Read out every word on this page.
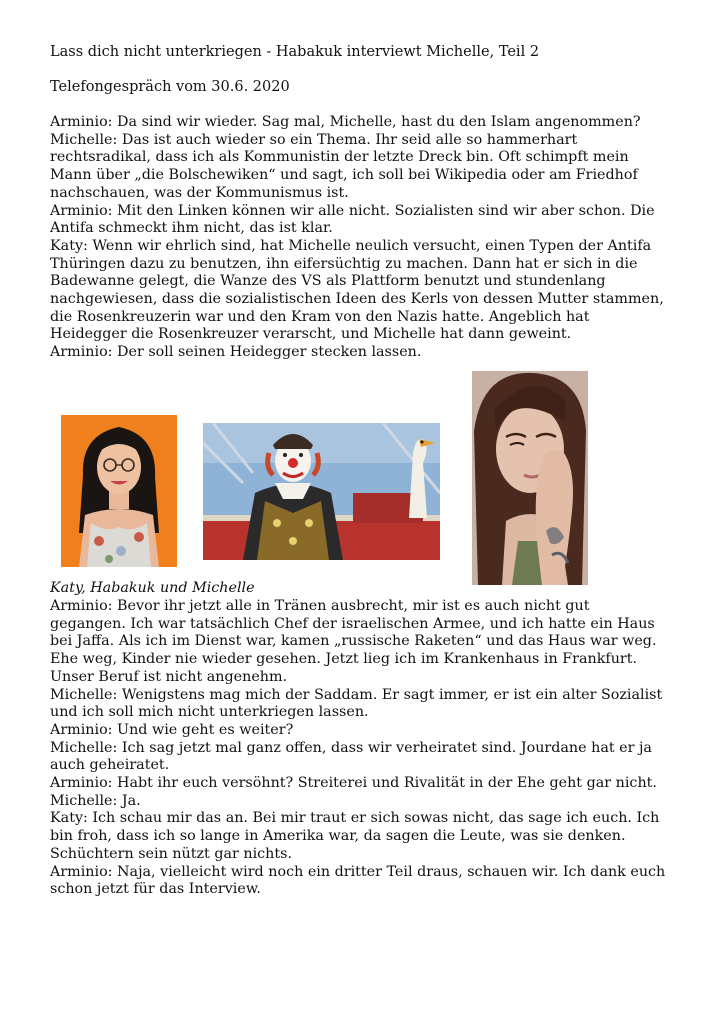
Lass dich nicht unterkriegen - Habakuk interviewt Michelle, Teil 2
Telefongespräch vom 30.6. 2020

Arminio: Da sind wir wieder. Sag mal, Michelle, hast du den Islam angenommen?

Michelle: Das ist auch wieder so ein Thema. Ihr seid alle so hammerhart rechtsradikal, dass ich als Kommunistin der letzte Dreck bin. Oft schimpft mein Mann über „die Bolschewiken“ und sagt, ich soll bei Wikipedia oder am Friedhof nachschauen, was der Kommunismus ist.

Arminio: Mit den Linken können wir alle nicht. Sozialisten sind wir aber schon. Die Antifa schmeckt ihm nicht, das ist klar.

Katy: Wenn wir ehrlich sind, hat Michelle neulich versucht, einen Typen der Antifa Thüringen dazu zu benutzen, ihn eifersüchtig zu machen. Dann hat er sich in die Badewanne gelegt, die Wanze des VS als Plattform benutzt und stundenlang nachgewiesen, dass die sozialistischen Ideen des Kerls von dessen Mutter stammen, die Rosenkreuzerin war und den Kram von den Nazis hatte. Angeblich hat Heidegger die Rosenkreuzer verarscht, und Michelle hat dann geweint.

Arminio: Der soll seinen Heidegger stecken lassen.

Katy, Habakuk und Michelle

Arminio: Bevor ihr jetzt alle in Tränen ausbrecht, mir ist es auch nicht gut gegangen. Ich war tatsächlich Chef der israelischen Armee, und ich hatte ein Haus bei Jaffa. Als ich im Dienst war, kamen „russische Raketen“ und das Haus war weg. Ehe weg, Kinder nie wieder gesehen. Jetzt lieg ich im Krankenhaus in Frankfurt. Unser Beruf ist nicht angenehm.

Michelle: Wenigstens mag mich der Saddam. Er sagt immer, er ist ein alter Sozialist und ich soll mich nicht unterkriegen lassen.

Arminio: Und wie geht es weiter?

Michelle: Ich sag jetzt mal ganz offen, dass wir verheiratet sind. Jourdane hat er ja auch geheiratet.

Arminio: Habt ihr euch versöhnt? Streiterei und Rivalität in der Ehe geht gar nicht.

Michelle: Ja.

Katy: Ich schau mir das an. Bei mir traut er sich sowas nicht, das sage ich euch. Ich bin froh, dass ich so lange in Amerika war, da sagen die Leute, was sie denken. Schüchtern sein nützt gar nichts.

Arminio: Naja, vielleicht wird noch ein dritter Teil draus, schauen wir. Ich dank euch schon jetzt für das Interview.
